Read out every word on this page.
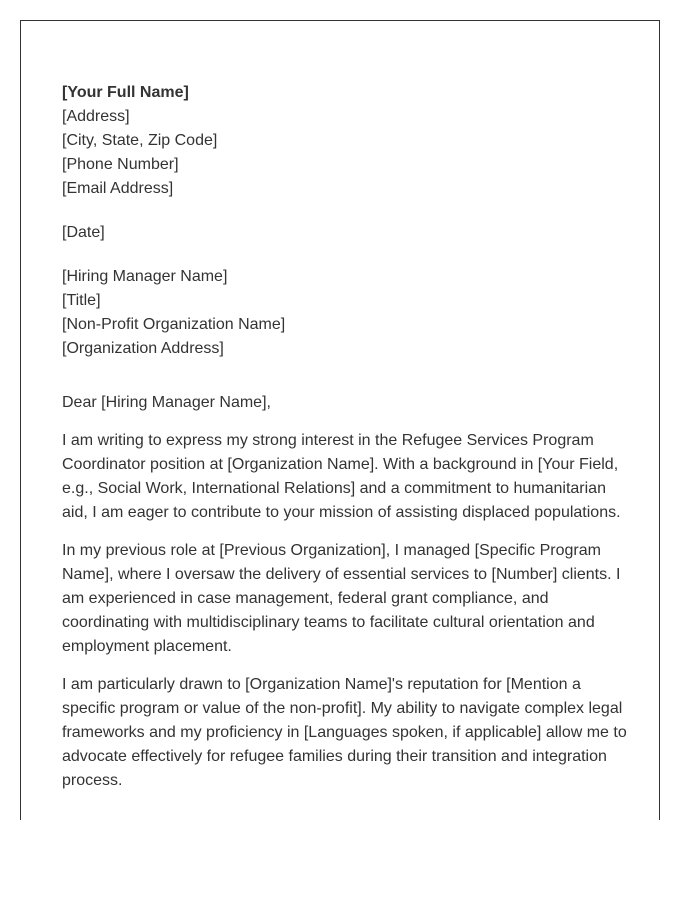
[Your Full Name]
[Address]
[City, State, Zip Code]
[Phone Number]
[Email Address]
[Date]
[Hiring Manager Name]
[Title]
[Non-Profit Organization Name]
[Organization Address]
Dear [Hiring Manager Name],

I am writing to express my strong interest in the Refugee Services Program Coordinator position at [Organization Name]. With a background in [Your Field, e.g., Social Work, International Relations] and a commitment to humanitarian aid, I am eager to contribute to your mission of assisting displaced populations.

In my previous role at [Previous Organization], I managed [Specific Program Name], where I oversaw the delivery of essential services to [Number] clients. I am experienced in case management, federal grant compliance, and coordinating with multidisciplinary teams to facilitate cultural orientation and employment placement.

I am particularly drawn to [Organization Name]'s reputation for [Mention a specific program or value of the non-profit]. My ability to navigate complex legal frameworks and my proficiency in [Languages spoken, if applicable] allow me to advocate effectively for refugee families during their transition and integration process.
